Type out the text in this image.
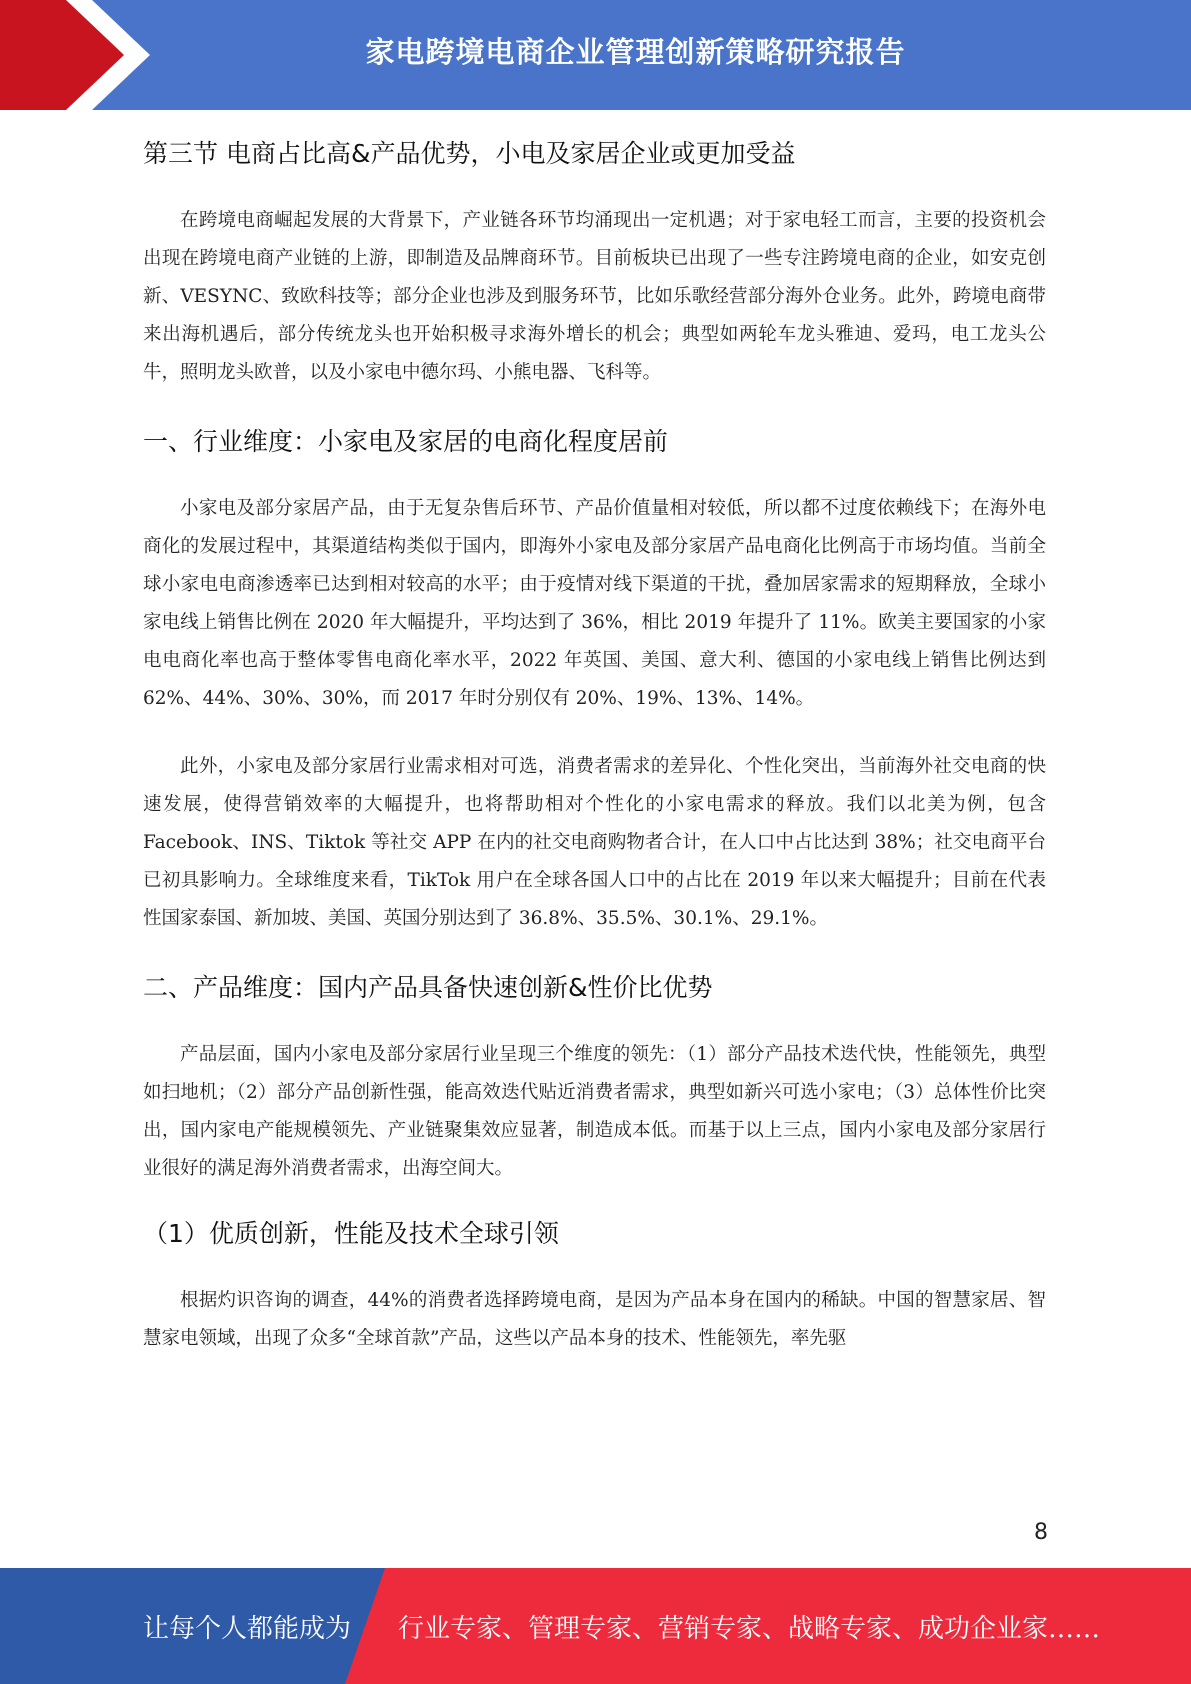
家电跨境电商企业管理创新策略研究报告
第三节 电商占比高&产品优势，小电及家居企业或更加受益

在跨境电商崛起发展的大背景下，产业链各环节均涌现出一定机遇；对于家电轻工而言，主要的投资机会出现在跨境电商产业链的上游，即制造及品牌商环节。目前板块已出现了一些专注跨境电商的企业，如安克创新、VESYNC、致欧科技等；部分企业也涉及到服务环节，比如乐歌经营部分海外仓业务。此外，跨境电商带来出海机遇后，部分传统龙头也开始积极寻求海外增长的机会；典型如两轮车龙头雅迪、爱玛，电工龙头公牛，照明龙头欧普，以及小家电中德尔玛、小熊电器、飞科等。

一、行业维度：小家电及家居的电商化程度居前

小家电及部分家居产品，由于无复杂售后环节、产品价值量相对较低，所以都不过度依赖线下；在海外电商化的发展过程中，其渠道结构类似于国内，即海外小家电及部分家居产品电商化比例高于市场均值。当前全球小家电电商渗透率已达到相对较高的水平；由于疫情对线下渠道的干扰，叠加居家需求的短期释放，全球小家电线上销售比例在 2020 年大幅提升，平均达到了 36%，相比 2019 年提升了 11%。欧美主要国家的小家电电商化率也高于整体零售电商化率水平，2022 年英国、美国、意大利、德国的小家电线上销售比例达到 62%、44%、30%、30%，而 2017 年时分别仅有 20%、19%、13%、14%。

此外，小家电及部分家居行业需求相对可选，消费者需求的差异化、个性化突出，当前海外社交电商的快速发展，使得营销效率的大幅提升，也将帮助相对个性化的小家电需求的释放。我们以北美为例，包含 Facebook、INS、Tiktok 等社交 APP 在内的社交电商购物者合计，在人口中占比达到 38%；社交电商平台已初具影响力。全球维度来看，TikTok 用户在全球各国人口中的占比在 2019 年以来大幅提升；目前在代表性国家泰国、新加坡、美国、英国分别达到了 36.8%、35.5%、30.1%、29.1%。

二、产品维度：国内产品具备快速创新&性价比优势

产品层面，国内小家电及部分家居行业呈现三个维度的领先：（1）部分产品技术迭代快，性能领先，典型如扫地机；（2）部分产品创新性强，能高效迭代贴近消费者需求，典型如新兴可选小家电；（3）总体性价比突出，国内家电产能规模领先、产业链聚集效应显著，制造成本低。而基于以上三点，国内小家电及部分家居行业很好的满足海外消费者需求，出海空间大。

（1）优质创新，性能及技术全球引领

根据灼识咨询的调查，44%的消费者选择跨境电商，是因为产品本身在国内的稀缺。中国的智慧家居、智慧家电领域，出现了众多“全球首款”产品，这些以产品本身的技术、性能领先，率先驱

8
让每个人都能成为 行业专家、管理专家、营销专家、战略专家、成功企业家……
